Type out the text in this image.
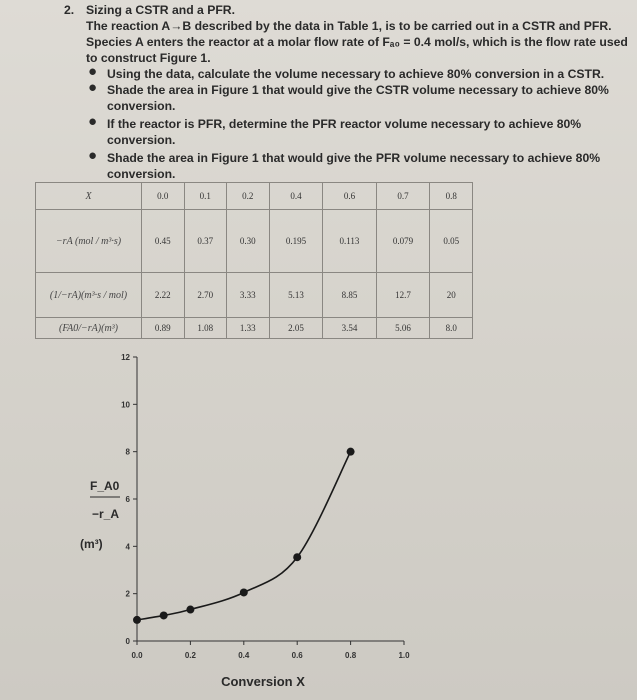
2. Sizing a CSTR and a PFR.
The reaction A→B described by the data in Table 1, is to be carried out in a CSTR and PFR.
Species A enters the reactor at a molar flow rate of Fₐ₀ = 0.4 mol/s, which is the flow rate used
to construct Figure 1.
● Using the data, calculate the volume necessary to achieve 80% conversion in a CSTR.
● Shade the area in Figure 1 that would give the CSTR volume necessary to achieve 80%
conversion.
● If the reactor is PFR, determine the PFR reactor volume necessary to achieve 80%
conversion.
● Shade the area in Figure 1 that would give the PFR volume necessary to achieve 80%
conversion.
X	0.0	0.1	0.2	0.4	0.6	0.7	0.8
−rA (mol / m³·s)	0.45	0.37	0.30	0.195	0.113	0.079	0.05
(1/−rA)(m³·s / mol)	2.22	2.70	3.33	5.13	8.85	12.7	20
(FA0/−rA)(m³)	0.89	1.08	1.33	2.05	3.54	5.06	8.0
0
2
4
6
8
10
12
0.0	0.2	0.4	0.6	0.8	1.0
F_A0
−r_A
(m³)
Conversion X
